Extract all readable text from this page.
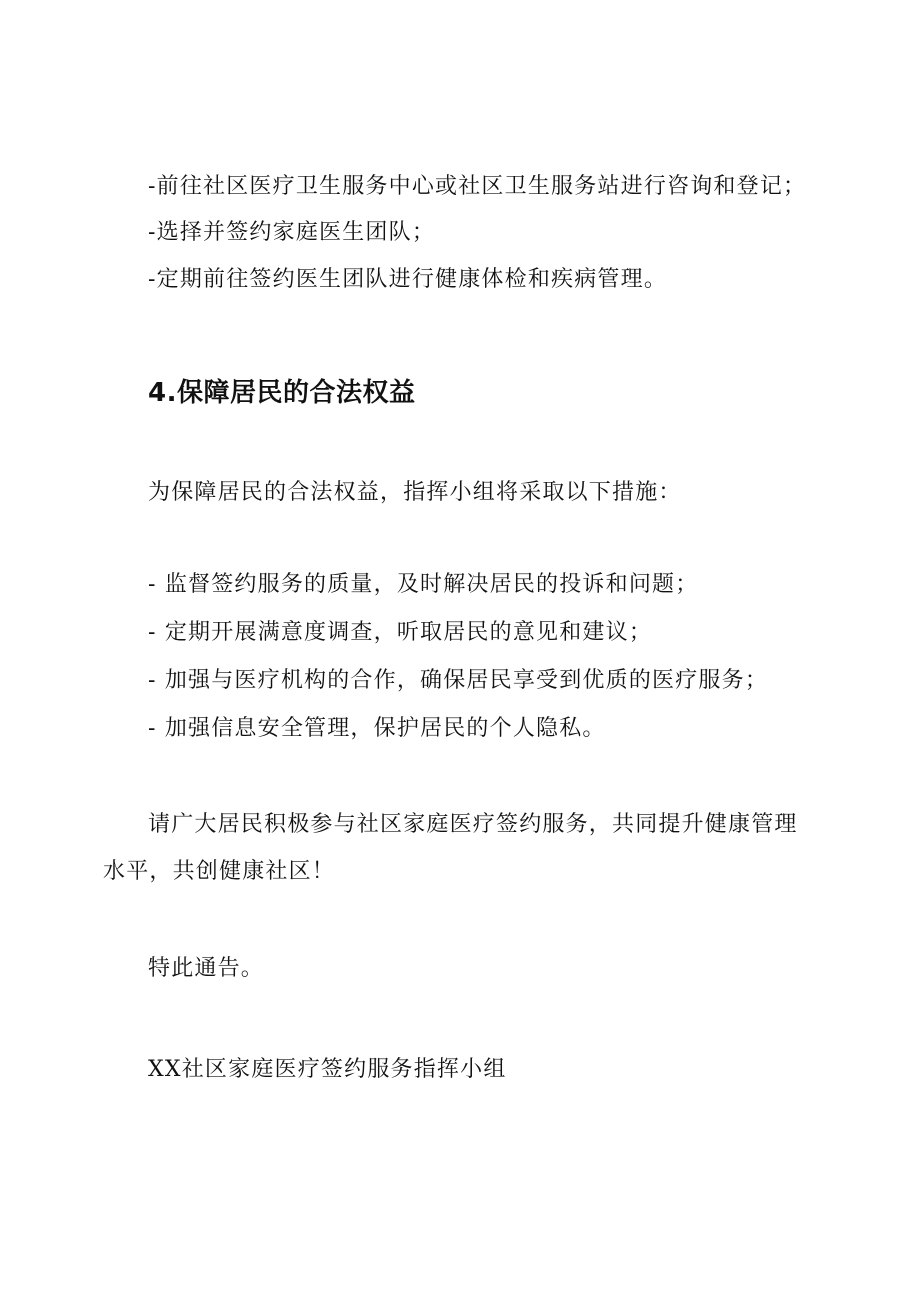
-前往社区医疗卫生服务中心或社区卫生服务站进行咨询和登记；
-选择并签约家庭医生团队；
-定期前往签约医生团队进行健康体检和疾病管理。
4.保障居民的合法权益
为保障居民的合法权益，指挥小组将采取以下措施：
- 监督签约服务的质量，及时解决居民的投诉和问题；
- 定期开展满意度调查，听取居民的意见和建议；
- 加强与医疗机构的合作，确保居民享受到优质的医疗服务；
- 加强信息安全管理，保护居民的个人隐私。
请广大居民积极参与社区家庭医疗签约服务，共同提升健康管理
水平，共创健康社区！
特此通告。
XX社区家庭医疗签约服务指挥小组
